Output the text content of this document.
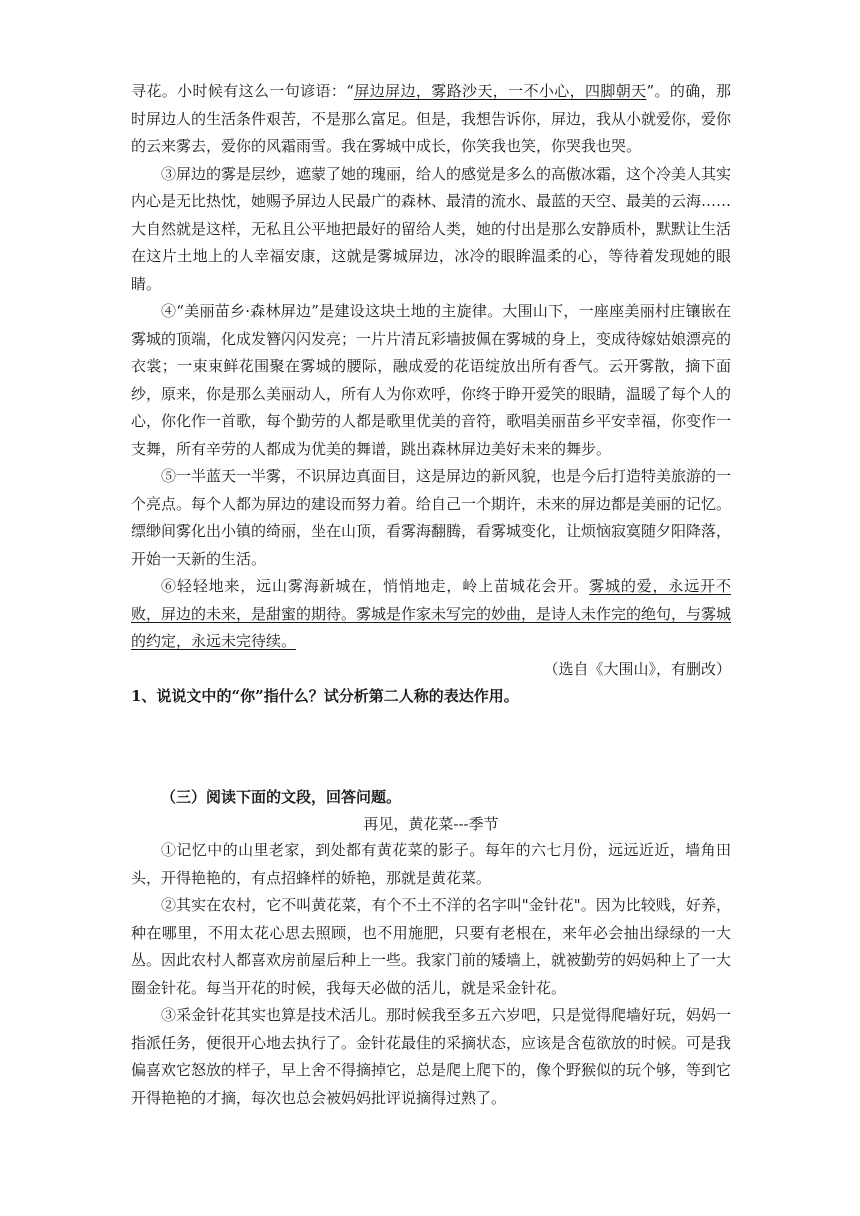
寻花。小时候有这么一句谚语：“屏边屏边，雾路沙天，一不小心，四脚朝天”。的确，那时屏边人的生活条件艰苦，不是那么富足。但是，我想告诉你，屏边，我从小就爱你，爱你的云来雾去，爱你的风霜雨雪。我在雾城中成长，你笑我也笑，你哭我也哭。

③屏边的雾是层纱，遮蒙了她的瑰丽，给人的感觉是多么的高傲冰霜，这个冷美人其实内心是无比热忱，她赐予屏边人民最广的森林、最清的流水、最蓝的天空、最美的云海……大自然就是这样，无私且公平地把最好的留给人类，她的付出是那么安静质朴，默默让生活在这片土地上的人幸福安康，这就是雾城屏边，冰冷的眼眸温柔的心，等待着发现她的眼睛。

④“美丽苗乡·森林屏边”是建设这块土地的主旋律。大围山下，一座座美丽村庄镶嵌在雾城的顶端，化成发簪闪闪发亮；一片片清瓦彩墙披佩在雾城的身上，变成待嫁姑娘漂亮的衣裳；一束束鲜花围聚在雾城的腰际，融成爱的花语绽放出所有香气。云开雾散，摘下面纱，原来，你是那么美丽动人，所有人为你欢呼，你终于睁开爱笑的眼睛，温暖了每个人的心，你化作一首歌，每个勤劳的人都是歌里优美的音符，歌唱美丽苗乡平安幸福，你变作一支舞，所有辛劳的人都成为优美的舞谱，跳出森林屏边美好未来的舞步。

⑤一半蓝天一半雾，不识屏边真面目，这是屏边的新风貌，也是今后打造特美旅游的一个亮点。每个人都为屏边的建设而努力着。给自己一个期许，未来的屏边都是美丽的记忆。缥缈间雾化出小镇的绮丽，坐在山顶，看雾海翻腾，看雾城变化，让烦恼寂寞随夕阳降落，开始一天新的生活。

⑥轻轻地来，远山雾海新城在，悄悄地走，岭上苗城花会开。雾城的爱，永远开不败，屏边的未来，是甜蜜的期待。雾城是作家未写完的妙曲，是诗人未作完的绝句，与雾城的约定，永远未完待续。

（选自《大围山》，有删改）

1、说说文中的“你”指什么？试分析第二人称的表达作用。

（三）阅读下面的文段，回答问题。

再见，黄花菜---季节

①记忆中的山里老家，到处都有黄花菜的影子。每年的六七月份，远远近近，墙角田头，开得艳艳的，有点招蜂样的娇艳，那就是黄花菜。

②其实在农村，它不叫黄花菜，有个不土不洋的名字叫"金针花"。因为比较贱，好养，种在哪里，不用太花心思去照顾，也不用施肥，只要有老根在，来年必会抽出绿绿的一大丛。因此农村人都喜欢房前屋后种上一些。我家门前的矮墙上，就被勤劳的妈妈种上了一大圈金针花。每当开花的时候，我每天必做的活儿，就是采金针花。

③采金针花其实也算是技术活儿。那时候我至多五六岁吧，只是觉得爬墙好玩，妈妈一指派任务，便很开心地去执行了。金针花最佳的采摘状态，应该是含苞欲放的时候。可是我偏喜欢它怒放的样子，早上舍不得摘掉它，总是爬上爬下的，像个野猴似的玩个够，等到它开得艳艳的才摘，每次也总会被妈妈批评说摘得过熟了。
